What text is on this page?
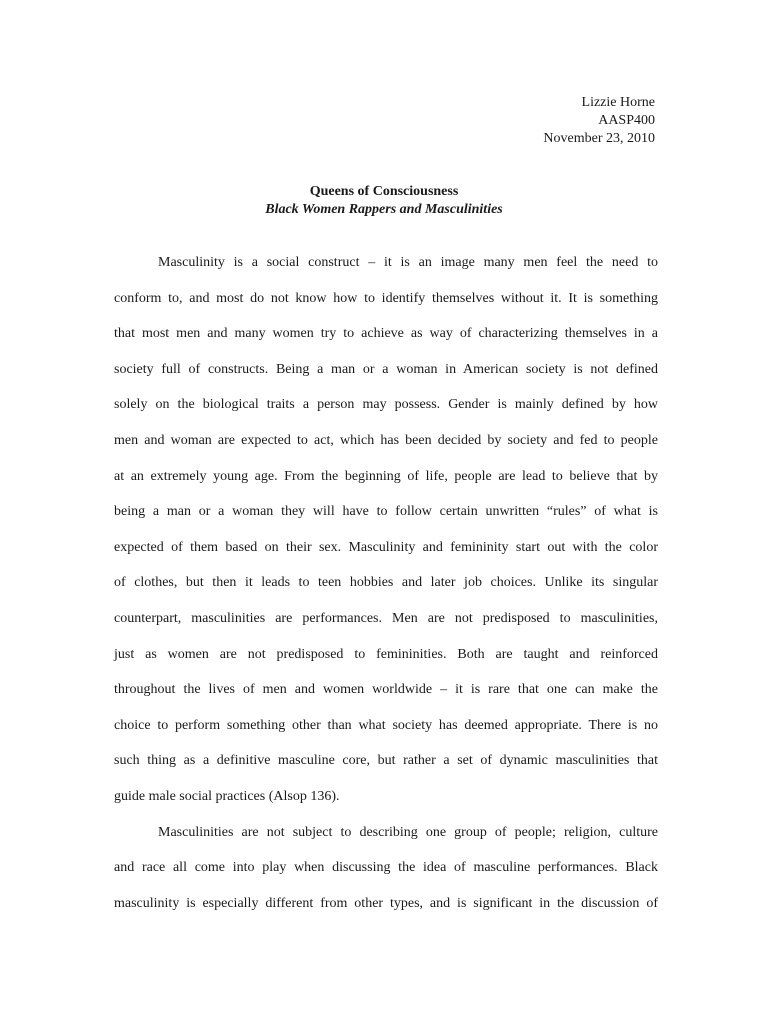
Lizzie Horne
AASP400
November 23, 2010
Queens of Consciousness
Black Women Rappers and Masculinities
Masculinity is a social construct – it is an image many men feel the need to
conform to, and most do not know how to identify themselves without it. It is something
that most men and many women try to achieve as way of characterizing themselves in a
society full of constructs. Being a man or a woman in American society is not defined
solely on the biological traits a person may possess. Gender is mainly defined by how
men and woman are expected to act, which has been decided by society and fed to people
at an extremely young age. From the beginning of life, people are lead to believe that by
being a man or a woman they will have to follow certain unwritten “rules” of what is
expected of them based on their sex. Masculinity and femininity start out with the color
of clothes, but then it leads to teen hobbies and later job choices. Unlike its singular
counterpart, masculinities are performances. Men are not predisposed to masculinities,
just as women are not predisposed to femininities. Both are taught and reinforced
throughout the lives of men and women worldwide – it is rare that one can make the
choice to perform something other than what society has deemed appropriate. There is no
such thing as a definitive masculine core, but rather a set of dynamic masculinities that
guide male social practices (Alsop 136).
Masculinities are not subject to describing one group of people; religion, culture
and race all come into play when discussing the idea of masculine performances. Black
masculinity is especially different from other types, and is significant in the discussion of
